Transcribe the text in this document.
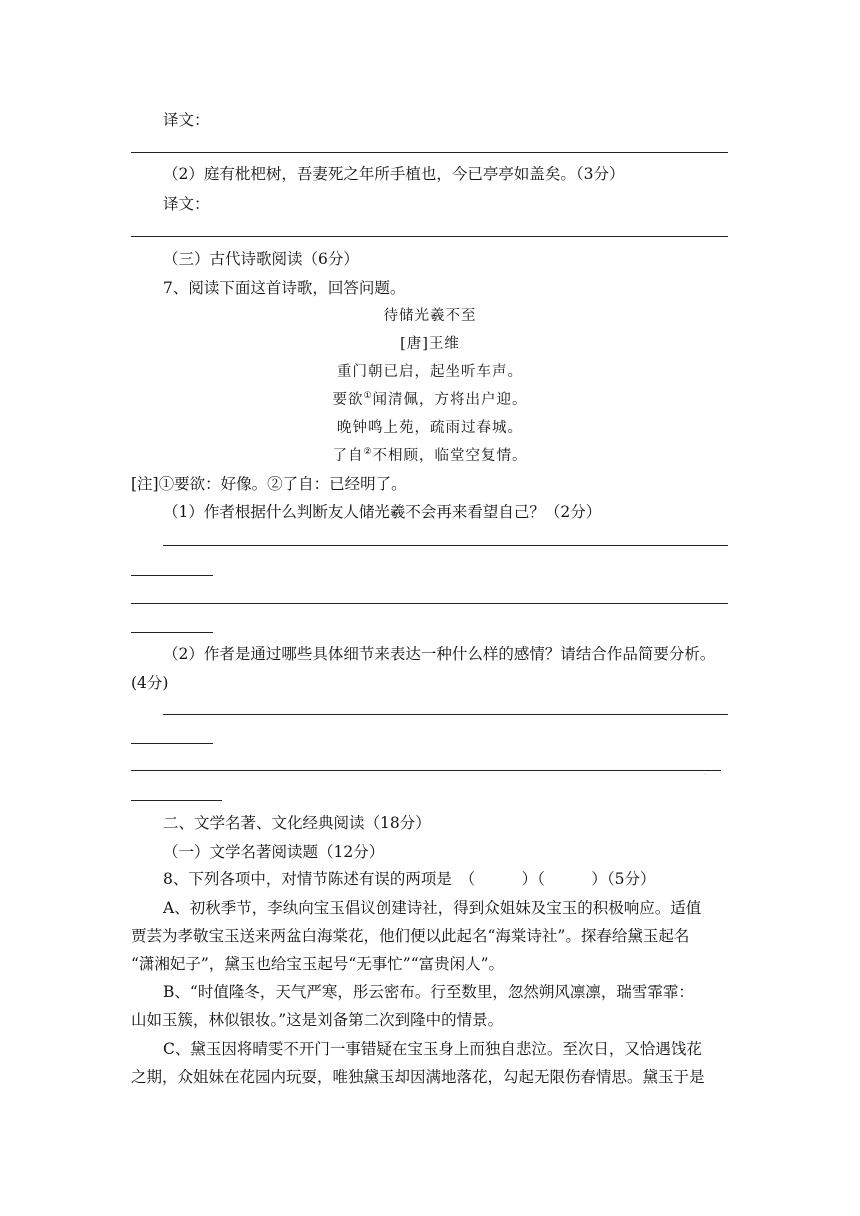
译文：
（2）庭有枇杷树，吾妻死之年所手植也，今已亭亭如盖矣。（3分）
译文：
（三）古代诗歌阅读（6分）
7、阅读下面这首诗歌，回答问题。
待储光羲不至
[唐]王维
重门朝已启，起坐听车声。
要欲①闻清佩，方将出户迎。
晚钟鸣上苑，疏雨过春城。
了自②不相顾，临堂空复情。
[注]①要欲：好像。②了自：已经明了。
（1）作者根据什么判断友人储光羲不会再来看望自己？（2分）
（2）作者是通过哪些具体细节来表达一种什么样的感情？请结合作品简要分析。
(4分)
·
二、文学名著、文化经典阅读（18分）
（一）文学名著阅读题（12分）
8、下列各项中，对情节陈述有误的两项是　（　　　）（　　　）（5分）
A、初秋季节，李纨向宝玉倡议创建诗社，得到众姐妹及宝玉的积极响应。适值
贾芸为孝敬宝玉送来两盆白海棠花，他们便以此起名“海棠诗社”。探春给黛玉起名
“潇湘妃子”，黛玉也给宝玉起号“无事忙”“富贵闲人”。
B、“时值隆冬，天气严寒，彤云密布。行至数里，忽然朔风凛凛，瑞雪霏霏：
山如玉簇，林似银妆。”这是刘备第二次到隆中的情景。
C、黛玉因将晴雯不开门一事错疑在宝玉身上而独自悲泣。至次日，又恰遇饯花
之期，众姐妹在花园内玩耍，唯独黛玉却因满地落花，勾起无限伤春情思。黛玉于是
